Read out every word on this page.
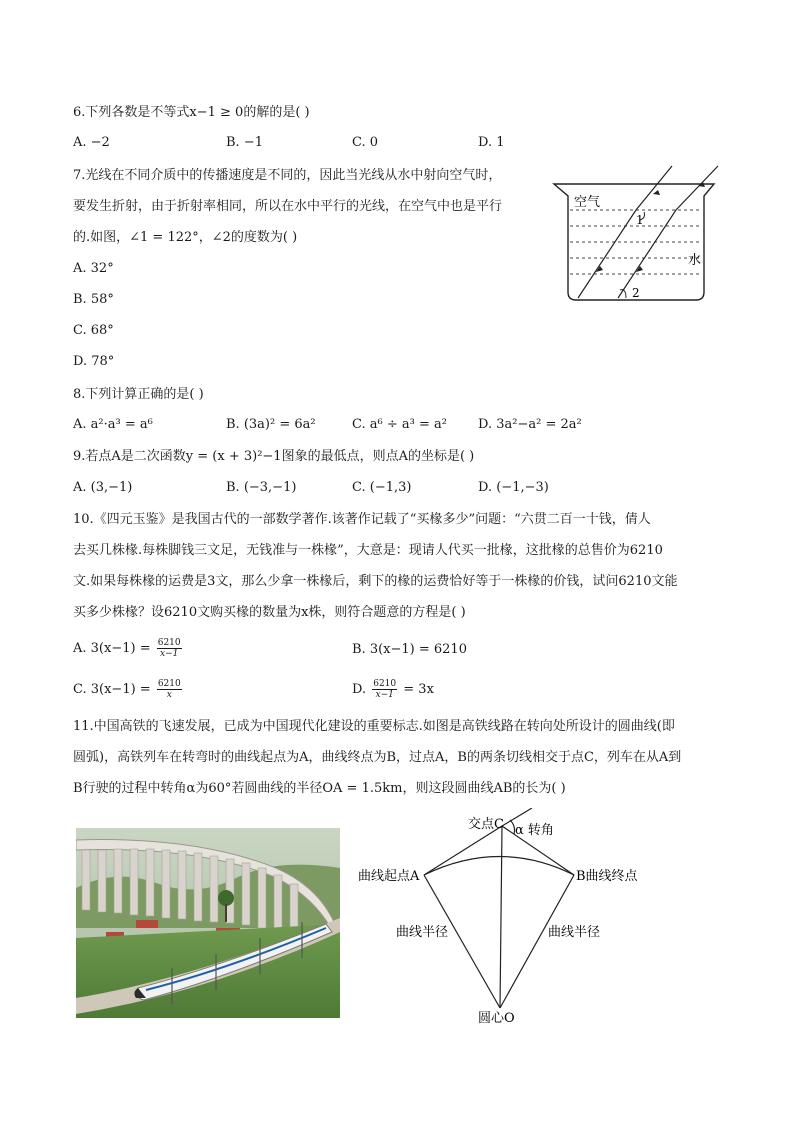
6.下列各数是不等式x−1 ≥ 0的解的是( )
A. −2	B. −1	C. 0	D. 1
7.光线在不同介质中的传播速度是不同的，因此当光线从水中射向空气时，
要发生折射，由于折射率相同，所以在水中平行的光线，在空气中也是平行
的.如图，∠1 = 122°，∠2的度数为( )
A. 32°
B. 58°
C. 68°
D. 78°
空气
水
1
2
8.下列计算正确的是( )
A. a²·a³ = a⁶	B. (3a)² = 6a²	C. a⁶ ÷ a³ = a² D. 3a²−a² = 2a²
9.若点A是二次函数y = (x + 3)²−1图象的最低点，则点A的坐标是( )
A. (3,−1)	B. (−3,−1)	C. (−1,3)	D. (−1,−3)
10.《四元玉鉴》是我国古代的一部数学著作.该著作记载了“买椽多少”问题：“六贯二百一十钱，倩人
去买几株椽.每株脚钱三文足，无钱准与一株椽”，大意是：现请人代买一批椽，这批椽的总售价为6210
文.如果每株椽的运费是3文，那么少拿一株椽后，剩下的椽的运费恰好等于一株椽的价钱，试问6210文能
买多少株椽？设6210文购买椽的数量为x株，则符合题意的方程是( )
A. $3(x-1) = \frac{6210}{x-1}$	B. 3(x−1) = 6210
C. $3(x-1) = \frac{6210}{x}$	D. $\frac{6210}{x-1} = 3x$
11.中国高铁的飞速发展，已成为中国现代化建设的重要标志.如图是高铁线路在转向处所设计的圆曲线(即
圆弧)，高铁列车在转弯时的曲线起点为A，曲线终点为B，过点A，B的两条切线相交于点C，列车在从A到
B行驶的过程中转角α为60°若圆曲线的半径OA = 1.5km，则这段圆曲线AB的长为( )
交点C α 转角
曲线起点A	B曲线终点
曲线半径	曲线半径
圆心O
